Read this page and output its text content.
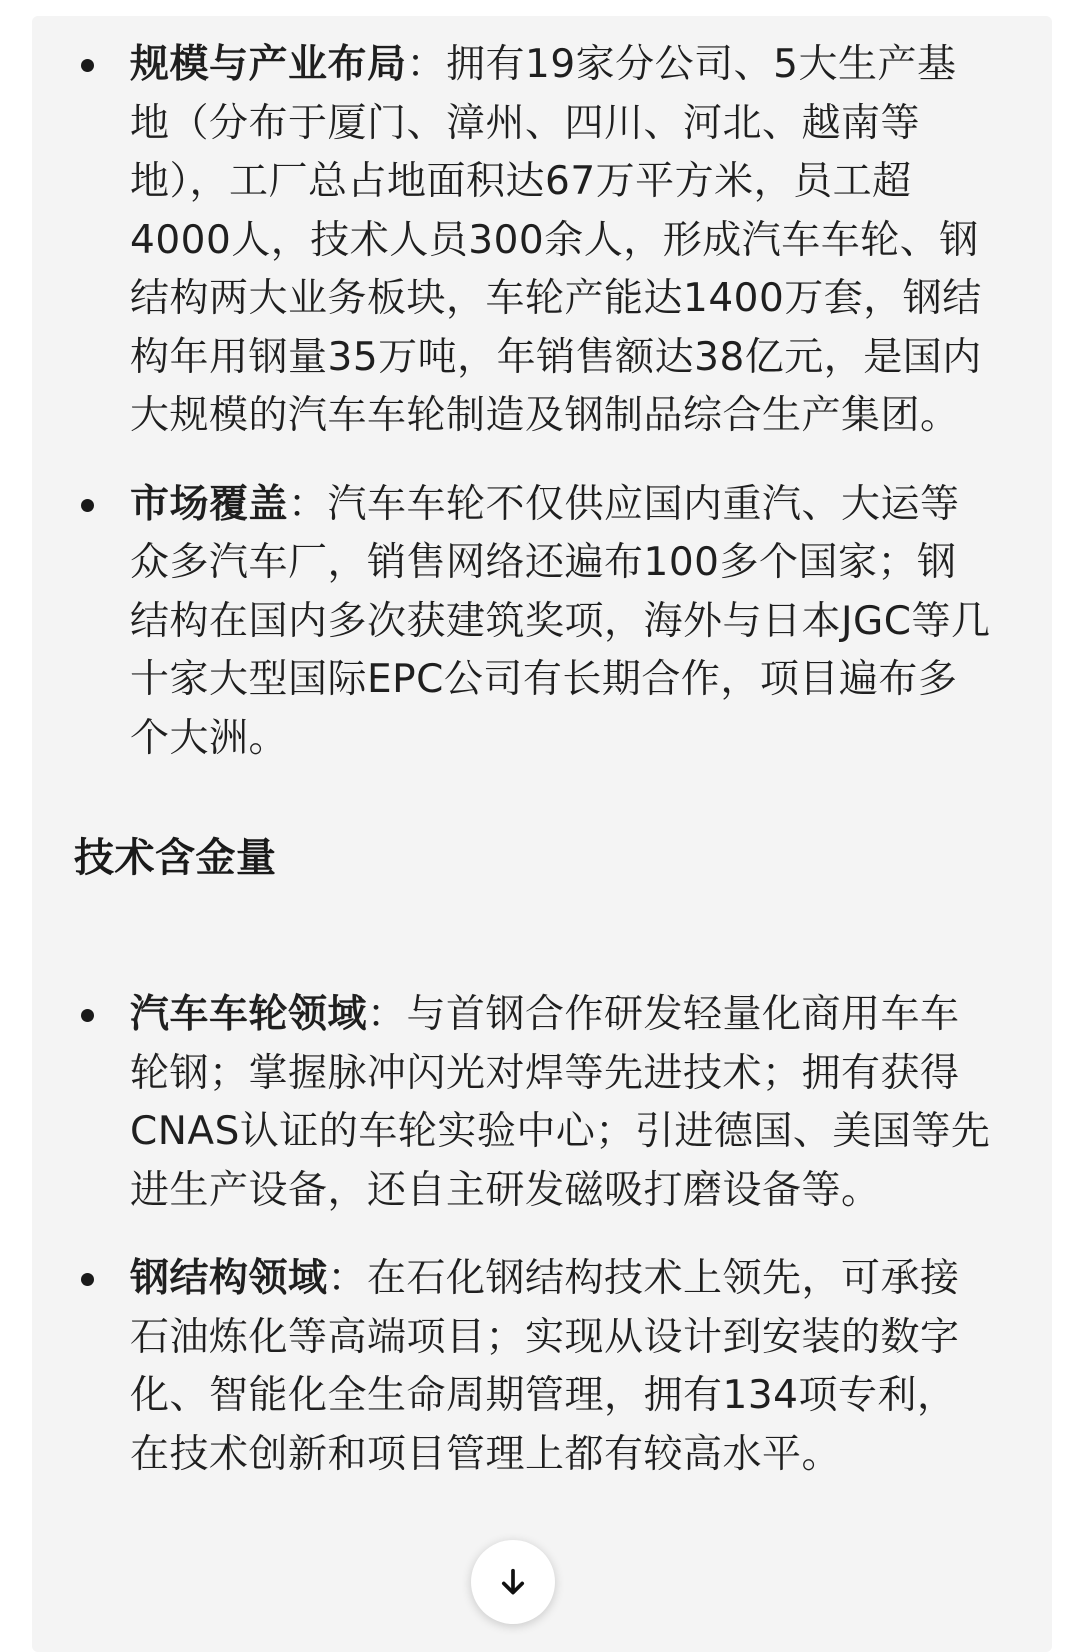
规模与产业布局：拥有19家分公司、5大生产基地（分布于厦门、漳州、四川、河北、越南等地），工厂总占地面积达67万平方米，员工超4000人，技术人员300余人，形成汽车车轮、钢结构两大业务板块，车轮产能达1400万套，钢结构年用钢量35万吨，年销售额达38亿元，是国内大规模的汽车车轮制造及钢制品综合生产集团。
市场覆盖：汽车车轮不仅供应国内重汽、大运等众多汽车厂，销售网络还遍布100多个国家；钢结构在国内多次获建筑奖项，海外与日本JGC等几十家大型国际EPC公司有长期合作，项目遍布多个大洲。
技术含金量
汽车车轮领域：与首钢合作研发轻量化商用车车轮钢；掌握脉冲闪光对焊等先进技术；拥有获得CNAS认证的车轮实验中心；引进德国、美国等先进生产设备，还自主研发磁吸打磨设备等。
钢结构领域：在石化钢结构技术上领先，可承接石油炼化等高端项目；实现从设计到安装的数字化、智能化全生命周期管理，拥有134项专利，在技术创新和项目管理上都有较高水平。
